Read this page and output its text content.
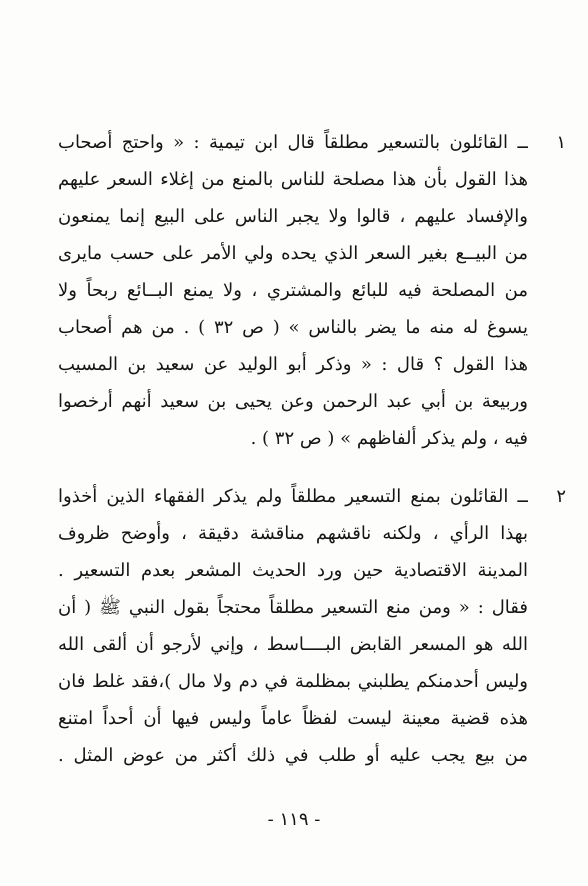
١
ــ القائلون بالتسعير مطلقاً قال ابن تيمية : « واحتج أصحاب
هذا القول بأن هذا مصلحة للناس بالمنع من إغلاء السعر عليهم
والإفساد عليهم ، قالوا ولا يجبر الناس على البيع إنما يمنعون
من البيــع بغير السعر الذي يحده ولي الأمر على حسب مايرى
من المصلحة فيه للبائع والمشتري ، ولا يمنع البــائع ربحاً ولا
يسوغ له منه ما يضر بالناس » ( ص ٣٢ ) . من هم أصحاب
هذا القول ؟ قال : « وذكر أبو الوليد عن سعيد بن المسيب
وربيعة بن أبي عبد الرحمن وعن يحيى بن سعيد أنهم أرخصوا
فيه ، ولم يذكر ألفاظهم » ( ص ٣٢ ) .
٢
ــ القائلون بمنع التسعير مطلقاً ولم يذكر الفقهاء الذين أخذوا
بهذا الرأي ، ولكنه ناقشهم مناقشة دقيقة ، وأوضح ظروف
المدينة الاقتصادية حين ورد الحديث المشعر بعدم التسعير .
فقال : « ومن منع التسعير مطلقاً محتجاً بقول النبي ﷺ ( أن
الله هو المسعر القابض البــــاسط ، وإني لأرجو أن ألقى الله
وليس أحدمنكم يطلبني بمظلمة في دم ولا مال )،فقد غلط فان
هذه قضية معينة ليست لفظاً عاماً وليس فيها أن أحداً امتنع
من بيع يجب عليه أو طلب في ذلك أكثر من عوض المثل .
- ١١٩ -
